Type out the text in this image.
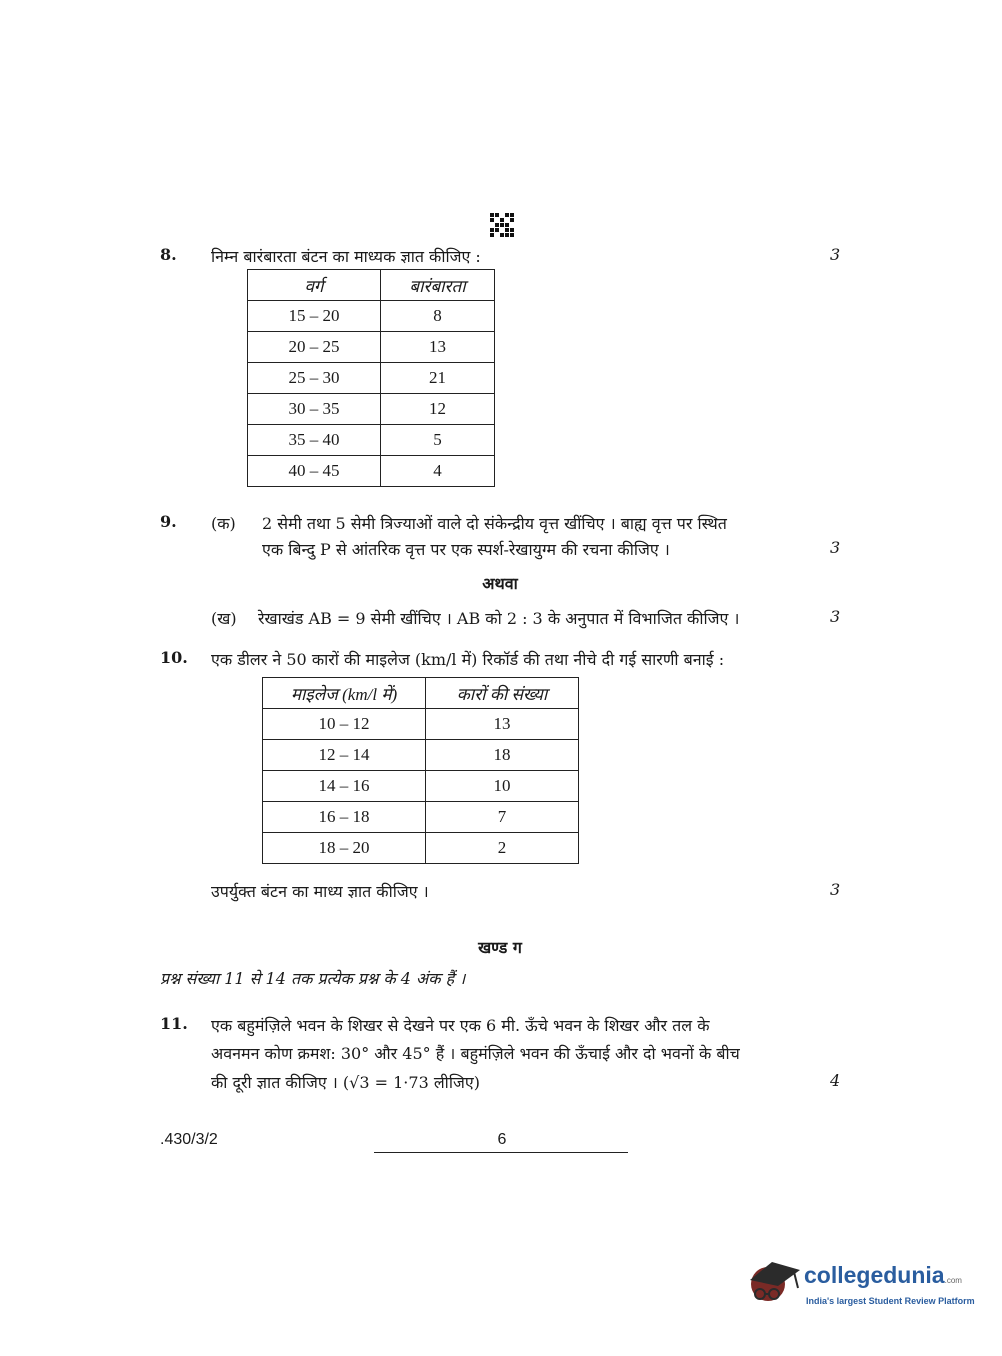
8. निम्न बारंबारता बंटन का माध्यक ज्ञात कीजिए :	3
वर्ग	बारंबारता
15 – 20	8
20 – 25	13
25 – 30	21
30 – 35	12
35 – 40	5
40 – 45	4
9. (क) 2 सेमी तथा 5 सेमी त्रिज्याओं वाले दो संकेन्द्रीय वृत्त खींचिए । बाह्य वृत्त पर स्थित
एक बिन्दु P से आंतरिक वृत्त पर एक स्पर्श-रेखायुग्म की रचना कीजिए ।	3
अथवा
(ख) रेखाखंड AB = 9 सेमी खींचिए । AB को 2 : 3 के अनुपात में विभाजित कीजिए ।	3
10. एक डीलर ने 50 कारों की माइलेज (km/l में) रिकॉर्ड की तथा नीचे दी गई सारणी बनाई :
माइलेज (km/l में)	कारों की संख्या
10 – 12	13
12 – 14	18
14 – 16	10
16 – 18	7
18 – 20	2
उपर्युक्त बंटन का माध्य ज्ञात कीजिए ।	3
खण्ड ग
प्रश्न संख्या 11 से 14 तक प्रत्येक प्रश्न के 4 अंक हैं ।
11. एक बहुमंज़िले भवन के शिखर से देखने पर एक 6 मी. ऊँचे भवन के शिखर और तल के
अवनमन कोण क्रमश: 30° और 45° हैं । बहुमंज़िले भवन की ऊँचाई और दो भवनों के बीच
की दूरी ज्ञात कीजिए । (√3 = 1·73 लीजिए)	4
.430/3/2	6
collegedunia.com
India's largest Student Review Platform
